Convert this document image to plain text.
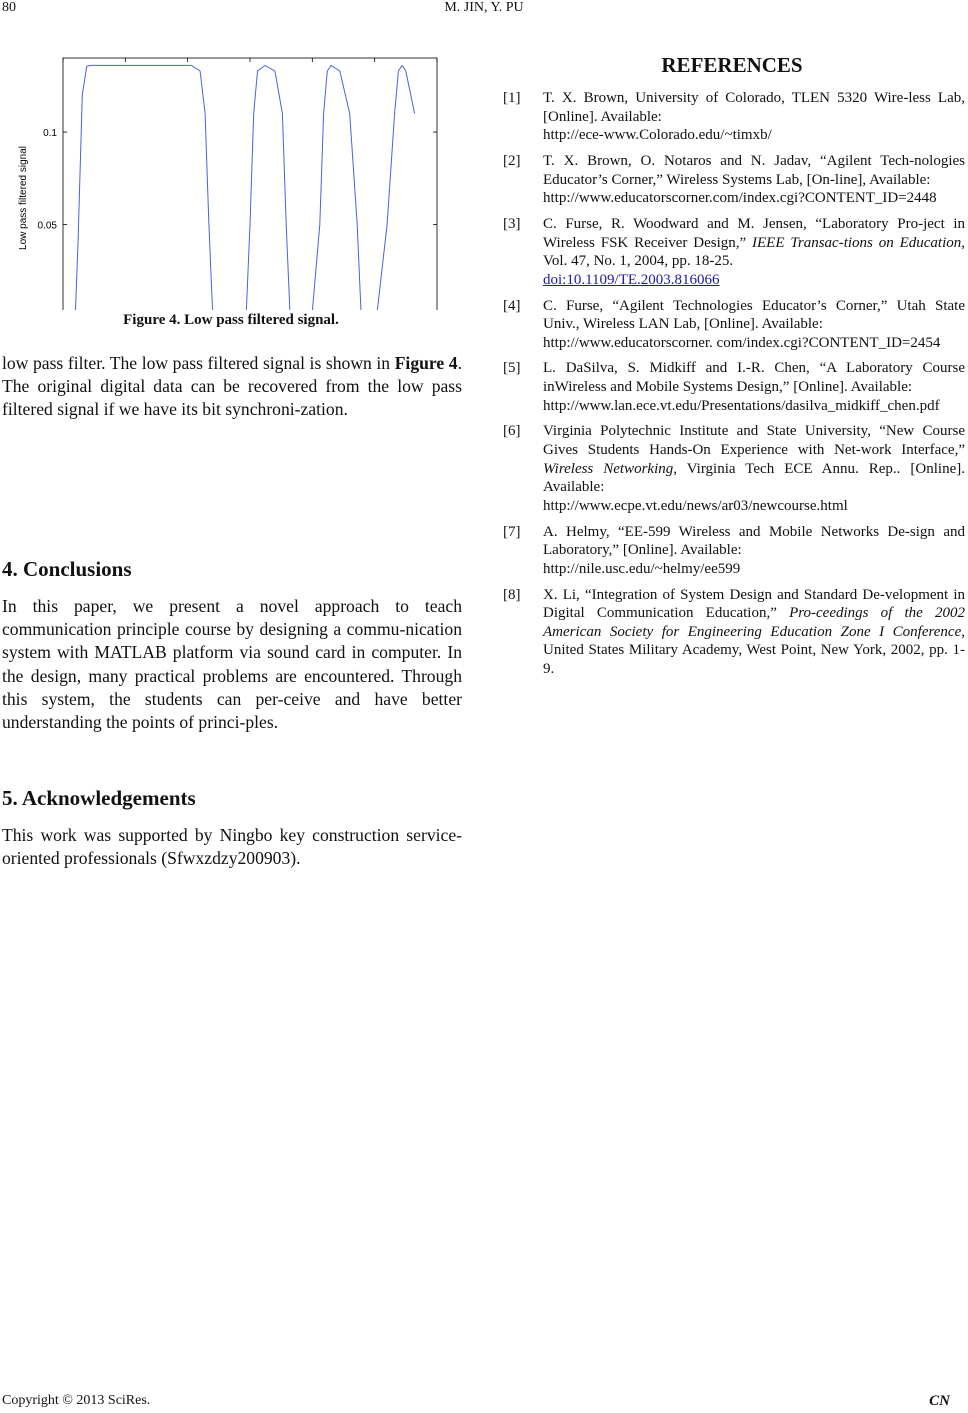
80	M. JIN, Y. PU
0.05
0.1
Low pass filtered signal
Figure 4. Low pass filtered signal.

low pass filter. The low pass filtered signal is shown in Figure 4. The original digital data can be recovered from the low pass filtered signal if we have its bit synchroni-zation.

4. Conclusions

In this paper, we present a novel approach to teach communication principle course by designing a commu-nication system with MATLAB platform via sound card in computer. In the design, many practical problems are encountered. Through this system, the students can per-ceive and have better understanding the points of princi-ples.

5. Acknowledgements

This work was supported by Ningbo key construction service-oriented professionals (Sfwxzdzy200903).

REFERENCES
[1] T. X. Brown, University of Colorado, TLEN 5320 Wire-less Lab, [Online]. Available:
http://ece-www.Colorado.edu/~timxb/
[2] T. X. Brown, O. Notaros and N. Jadav, “Agilent Tech-nologies Educator’s Corner,” Wireless Systems Lab, [On-line], Available:
http://www.educatorscorner.com/index.cgi?CONTENT_ID=2448
[3] C. Furse, R. Woodward and M. Jensen, “Laboratory Pro-ject in Wireless FSK Receiver Design,” IEEE Transac-tions on Education, Vol. 47, No. 1, 2004, pp. 18-25.
doi:10.1109/TE.2003.816066
[4] C. Furse, “Agilent Technologies Educator’s Corner,” Utah State Univ., Wireless LAN Lab, [Online]. Available:
http://www.educatorscorner. com/index.cgi?CONTENT_ID=2454
[5] L. DaSilva, S. Midkiff and I.-R. Chen, “A Laboratory Course inWireless and Mobile Systems Design,” [Online]. Available:
http://www.lan.ece.vt.edu/Presentations/dasilva_midkiff_chen.pdf
[6] Virginia Polytechnic Institute and State University, “New Course Gives Students Hands-On Experience with Net-work Interface,” Wireless Networking, Virginia Tech ECE Annu. Rep.. [Online]. Available:
http://www.ecpe.vt.edu/news/ar03/newcourse.html
[7] A. Helmy, “EE-599 Wireless and Mobile Networks De-sign and Laboratory,” [Online]. Available:
http://nile.usc.edu/~helmy/ee599
[8] X. Li, “Integration of System Design and Standard De-velopment in Digital Communication Education,” Pro-ceedings of the 2002 American Society for Engineering Education Zone I Conference, United States Military Academy, West Point, New York, 2002, pp. 1-9.
Copyright © 2013 SciRes.	CN
